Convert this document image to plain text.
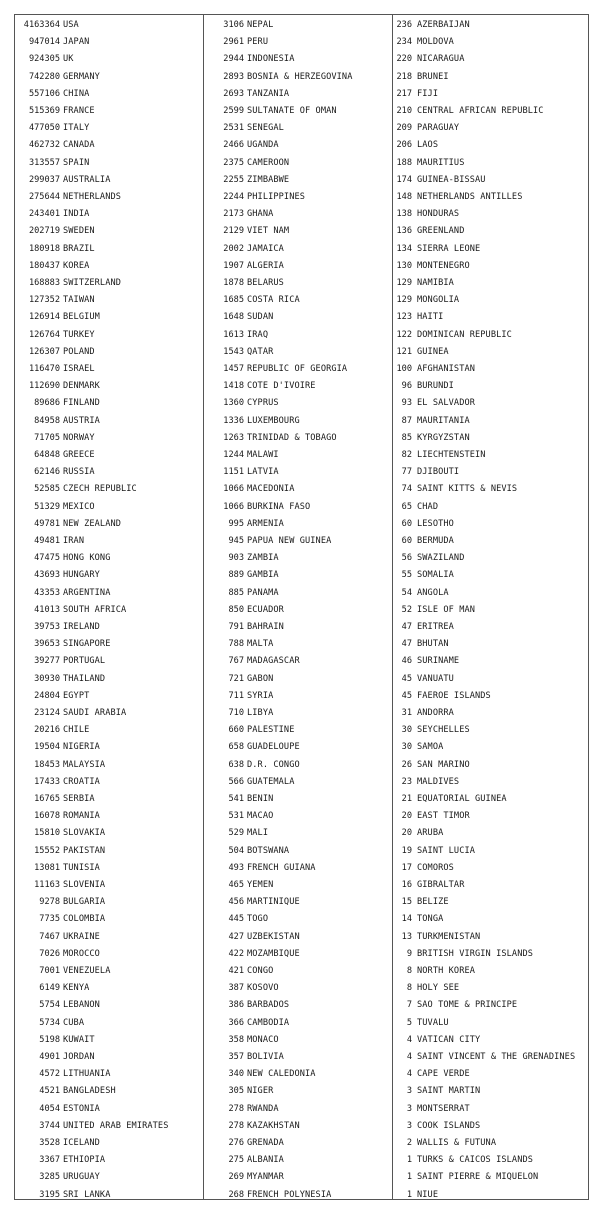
4163364 USA
947014 JAPAN
924305 UK
742280 GERMANY
557106 CHINA
515369 FRANCE
477050 ITALY
462732 CANADA
313557 SPAIN
299037 AUSTRALIA
275644 NETHERLANDS
243401 INDIA
202719 SWEDEN
180918 BRAZIL
180437 KOREA
168883 SWITZERLAND
127352 TAIWAN
126914 BELGIUM
126764 TURKEY
126307 POLAND
116470 ISRAEL
112690 DENMARK
89686 FINLAND
84958 AUSTRIA
71705 NORWAY
64848 GREECE
62146 RUSSIA
52585 CZECH REPUBLIC
51329 MEXICO
49781 NEW ZEALAND
49481 IRAN
47475 HONG KONG
43693 HUNGARY
43353 ARGENTINA
41013 SOUTH AFRICA
39753 IRELAND
39653 SINGAPORE
39277 PORTUGAL
30930 THAILAND
24804 EGYPT
23124 SAUDI ARABIA
20216 CHILE
19504 NIGERIA
18453 MALAYSIA
17433 CROATIA
16765 SERBIA
16078 ROMANIA
15810 SLOVAKIA
15552 PAKISTAN
13081 TUNISIA
11163 SLOVENIA
9278 BULGARIA
7735 COLOMBIA
7467 UKRAINE
7026 MOROCCO
7001 VENEZUELA
6149 KENYA
5754 LEBANON
5734 CUBA
5198 KUWAIT
4901 JORDAN
4572 LITHUANIA
4521 BANGLADESH
4054 ESTONIA
3744 UNITED ARAB EMIRATES
3528 ICELAND
3367 ETHIOPIA
3285 URUGUAY
3195 SRI LANKA
3106 NEPAL
2961 PERU
2944 INDONESIA
2893 BOSNIA & HERZEGOVINA
2693 TANZANIA
2599 SULTANATE OF OMAN
2531 SENEGAL
2466 UGANDA
2375 CAMEROON
2255 ZIMBABWE
2244 PHILIPPINES
2173 GHANA
2129 VIET NAM
2002 JAMAICA
1907 ALGERIA
1878 BELARUS
1685 COSTA RICA
1648 SUDAN
1613 IRAQ
1543 QATAR
1457 REPUBLIC OF GEORGIA
1418 COTE D'IVOIRE
1360 CYPRUS
1336 LUXEMBOURG
1263 TRINIDAD & TOBAGO
1244 MALAWI
1151 LATVIA
1066 MACEDONIA
1066 BURKINA FASO
995 ARMENIA
945 PAPUA NEW GUINEA
903 ZAMBIA
889 GAMBIA
885 PANAMA
850 ECUADOR
791 BAHRAIN
788 MALTA
767 MADAGASCAR
721 GABON
711 SYRIA
710 LIBYA
660 PALESTINE
658 GUADELOUPE
638 D.R. CONGO
566 GUATEMALA
541 BENIN
531 MACAO
529 MALI
504 BOTSWANA
493 FRENCH GUIANA
465 YEMEN
456 MARTINIQUE
445 TOGO
427 UZBEKISTAN
422 MOZAMBIQUE
421 CONGO
387 KOSOVO
386 BARBADOS
366 CAMBODIA
358 MONACO
357 BOLIVIA
340 NEW CALEDONIA
305 NIGER
278 RWANDA
278 KAZAKHSTAN
276 GRENADA
275 ALBANIA
269 MYANMAR
268 FRENCH POLYNESIA
236 AZERBAIJAN
234 MOLDOVA
220 NICARAGUA
218 BRUNEI
217 FIJI
210 CENTRAL AFRICAN REPUBLIC
209 PARAGUAY
206 LAOS
188 MAURITIUS
174 GUINEA-BISSAU
148 NETHERLANDS ANTILLES
138 HONDURAS
136 GREENLAND
134 SIERRA LEONE
130 MONTENEGRO
129 NAMIBIA
129 MONGOLIA
123 HAITI
122 DOMINICAN REPUBLIC
121 GUINEA
100 AFGHANISTAN
96 BURUNDI
93 EL SALVADOR
87 MAURITANIA
85 KYRGYZSTAN
82 LIECHTENSTEIN
77 DJIBOUTI
74 SAINT KITTS & NEVIS
65 CHAD
60 LESOTHO
60 BERMUDA
56 SWAZILAND
55 SOMALIA
54 ANGOLA
52 ISLE OF MAN
47 ERITREA
47 BHUTAN
46 SURINAME
45 VANUATU
45 FAEROE ISLANDS
31 ANDORRA
30 SEYCHELLES
30 SAMOA
26 SAN MARINO
23 MALDIVES
21 EQUATORIAL GUINEA
20 EAST TIMOR
20 ARUBA
19 SAINT LUCIA
17 COMOROS
16 GIBRALTAR
15 BELIZE
14 TONGA
13 TURKMENISTAN
9 BRITISH VIRGIN ISLANDS
8 NORTH KOREA
8 HOLY SEE
7 SAO TOME & PRINCIPE
5 TUVALU
4 VATICAN CITY
4 SAINT VINCENT & THE GRENADINES
4 CAPE VERDE
3 SAINT MARTIN
3 MONTSERRAT
3 COOK ISLANDS
2 WALLIS & FUTUNA
1 TURKS & CAICOS ISLANDS
1 SAINT PIERRE & MIQUELON
1 NIUE
